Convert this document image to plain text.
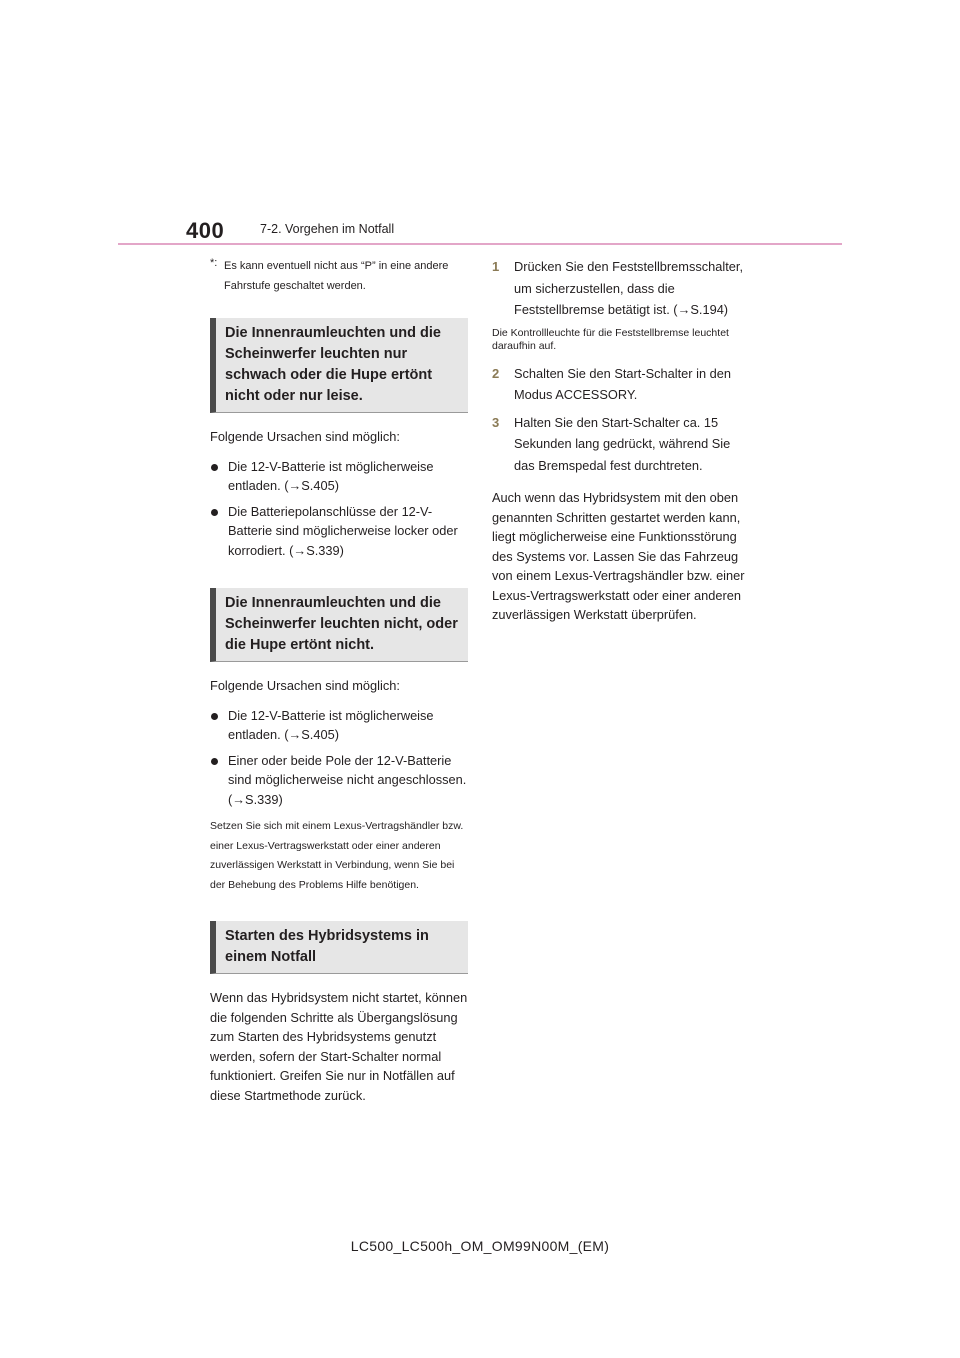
400	7-2. Vorgehen im Notfall
*: Es kann eventuell nicht aus “P” in eine andere Fahrstufe geschaltet werden.
Die Innenraumleuchten und die Scheinwerfer leuchten nur schwach oder die Hupe ertönt nicht oder nur leise.

Folgende Ursachen sind möglich:

Die 12-V-Batterie ist möglicherweise entladen. (→S.405)
Die Batteriepolanschlüsse der 12-V-Batterie sind möglicherweise locker oder korrodiert. (→S.339)
Die Innenraumleuchten und die Scheinwerfer leuchten nicht, oder die Hupe ertönt nicht.

Folgende Ursachen sind möglich:

Die 12-V-Batterie ist möglicherweise entladen. (→S.405)
Einer oder beide Pole der 12-V-Batterie sind möglicherweise nicht angeschlossen. (→S.339)

Setzen Sie sich mit einem Lexus-Vertragshändler bzw. einer Lexus-Vertragswerkstatt oder einer anderen zuverlässigen Werkstatt in Verbindung, wenn Sie bei der Behebung des Problems Hilfe benötigen.

Starten des Hybridsystems in einem Notfall

Wenn das Hybridsystem nicht startet, können die folgenden Schritte als Übergangslösung zum Starten des Hybridsystems genutzt werden, sofern der Start-Schalter normal funktioniert. Greifen Sie nur in Notfällen auf diese Startmethode zurück.

1 Drücken Sie den Feststellbremsschalter, um sicherzustellen, dass die Feststellbremse betätigt ist. (→S.194)

Die Kontrollleuchte für die Feststellbremse leuchtet daraufhin auf.

2 Schalten Sie den Start-Schalter in den Modus ACCESSORY.
3 Halten Sie den Start-Schalter ca. 15 Sekunden lang gedrückt, während Sie das Bremspedal fest durchtreten.

Auch wenn das Hybridsystem mit den oben genannten Schritten gestartet werden kann, liegt möglicherweise eine Funktionsstörung des Systems vor. Lassen Sie das Fahrzeug von einem Lexus-Vertragshändler bzw. einer Lexus-Vertragswerkstatt oder einer anderen zuverlässigen Werkstatt überprüfen.

LC500_LC500h_OM_OM99N00M_(EM)
